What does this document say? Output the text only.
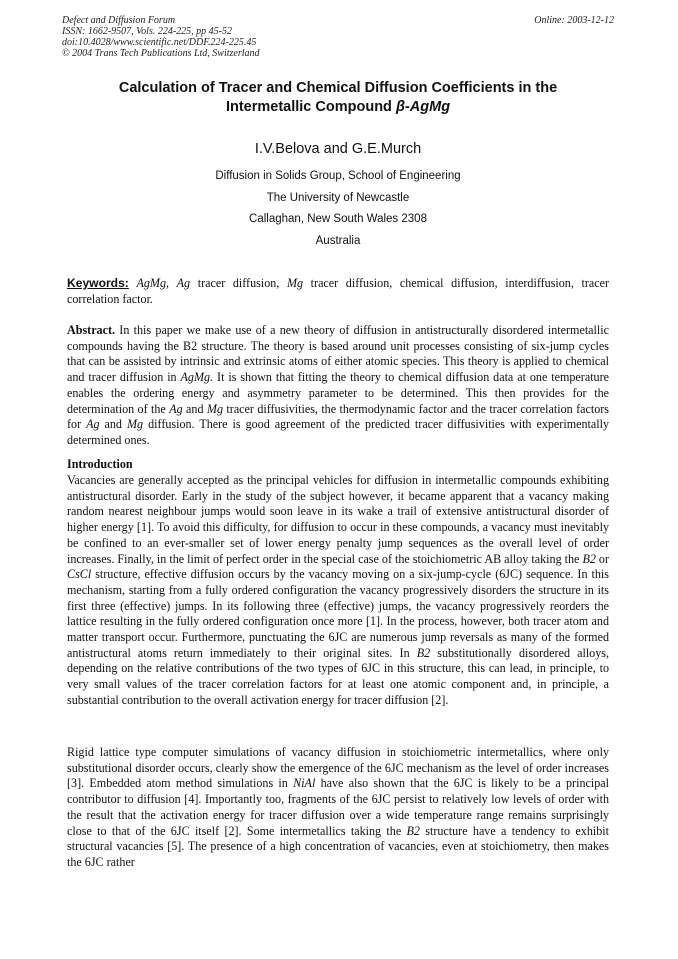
Defect and Diffusion Forum
ISSN: 1662-9507, Vols. 224-225, pp 45-52
doi:10.4028/www.scientific.net/DDF.224-225.45
© 2004 Trans Tech Publications Ltd, Switzerland
Online: 2003-12-12
Calculation of Tracer and Chemical Diffusion Coefficients in the
Intermetallic Compound β-AgMg
I.V.Belova and G.E.Murch
Diffusion in Solids Group, School of Engineering
The University of Newcastle
Callaghan, New South Wales 2308
Australia

Keywords: AgMg, Ag tracer diffusion, Mg tracer diffusion, chemical diffusion, interdiffusion, tracer correlation factor.

Abstract. In this paper we make use of a new theory of diffusion in antistructurally disordered intermetallic compounds having the B2 structure. The theory is based around unit processes consisting of six-jump cycles that can be assisted by intrinsic and extrinsic atoms of either atomic species. This theory is applied to chemical and tracer diffusion in AgMg. It is shown that fitting the theory to chemical diffusion data at one temperature enables the ordering energy and asymmetry parameter to be determined. This then provides for the determination of the Ag and Mg tracer diffusivities, the thermodynamic factor and the tracer correlation factors for Ag and Mg diffusion. There is good agreement of the predicted tracer diffusivities with experimentally determined ones.

Introduction

Vacancies are generally accepted as the principal vehicles for diffusion in intermetallic compounds exhibiting antistructural disorder. Early in the study of the subject however, it became apparent that a vacancy making random nearest neighbour jumps would soon leave in its wake a trail of extensive antistructural disorder of higher energy [1]. To avoid this difficulty, for diffusion to occur in these compounds, a vacancy must inevitably be confined to an ever-smaller set of lower energy penalty jump sequences as the overall level of order increases. Finally, in the limit of perfect order in the special case of the stoichiometric AB alloy taking the B2 or CsCl structure, effective diffusion occurs by the vacancy moving on a six-jump-cycle (6JC) sequence. In this mechanism, starting from a fully ordered configuration the vacancy progressively disorders the structure in its first three (effective) jumps. In its following three (effective) jumps, the vacancy progressively reorders the lattice resulting in the fully ordered configuration once more [1]. In the process, however, both tracer atom and matter transport occur. Furthermore, punctuating the 6JC are numerous jump reversals as many of the formed antistructural atoms return immediately to their original sites. In B2 substitutionally disordered alloys, depending on the relative contributions of the two types of 6JC in this structure, this can lead, in principle, to very small values of the tracer correlation factors for at least one atomic component and, in principle, a substantial contribution to the overall activation energy for tracer diffusion [2].

Rigid lattice type computer simulations of vacancy diffusion in stoichiometric intermetallics, where only substitutional disorder occurs, clearly show the emergence of the 6JC mechanism as the level of order increases [3]. Embedded atom method simulations in NiAl have also shown that the 6JC is likely to be a principal contributor to diffusion [4]. Importantly too, fragments of the 6JC persist to relatively low levels of order with the result that the activation energy for tracer diffusion over a wide temperature range remains surprisingly close to that of the 6JC itself [2]. Some intermetallics taking the B2 structure have a tendency to exhibit structural vacancies [5]. The presence of a high concentration of vacancies, even at stoichiometry, then makes the 6JC rather
